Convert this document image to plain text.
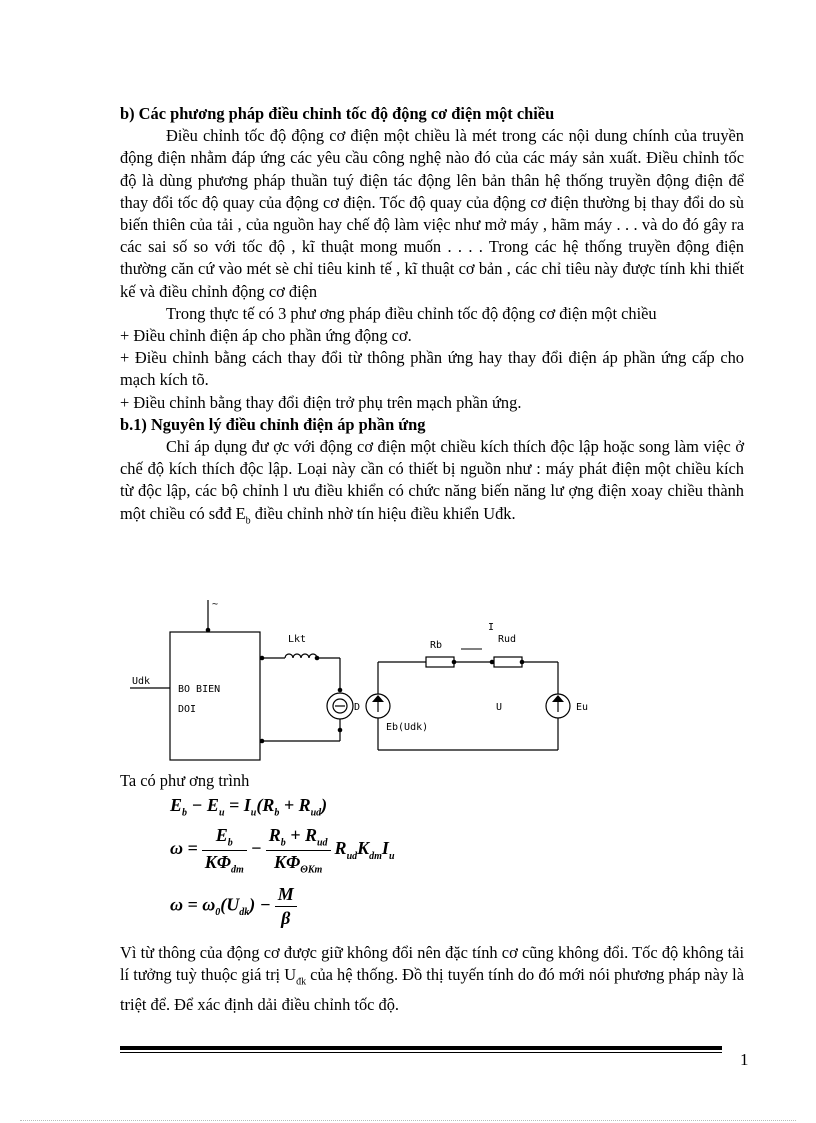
b) Các phương pháp điều chỉnh tốc độ động cơ điện một chiều

Điều chỉnh tốc độ động cơ điện một chiều là mét trong các nội dung chính của truyền động điện nhằm đáp ứng các yêu cầu công nghệ nào đó của các máy sản xuất. Điều chỉnh tốc độ là dùng phương pháp thuần tuý điện tác động lên bản thân hệ thống truyền động điện để thay đổi tốc độ quay của động cơ điện. Tốc độ quay của động cơ điện thường bị thay đổi do sù biến thiên của tải , của nguồn hay chế độ làm việc như mở máy , hãm máy . . . và do đó gây ra các sai số so với tốc độ , kĩ thuật mong muốn . . . . Trong các hệ thống truyền động điện thường căn cứ vào mét sè chỉ tiêu kinh tế , kĩ thuật cơ bản , các chỉ tiêu này được tính khi thiết kế và điều chỉnh động cơ điện

Trong thực tế có 3 phư ơng pháp điều chỉnh tốc độ động cơ điện một chiều

+ Điều chỉnh điện áp cho phần ứng động cơ.

+ Điều chỉnh bằng cách thay đổi từ thông phần ứng hay thay đổi điện áp phần ứng cấp cho mạch kích tõ.

+ Điều chỉnh bằng thay đổi điện trở phụ trên mạch phần ứng.

b.1) Nguyên lý điều chỉnh điện áp phần ứng

Chỉ áp dụng đư ợc với động cơ điện một chiều kích thích độc lập hoặc song làm việc ở chế độ kích thích độc lập. Loại này cần có thiết bị nguồn như : máy phát điện một chiều kích từ độc lập, các bộ chỉnh l ưu điều khiển có chức năng biến năng lư ợng điện xoay chiều thành một chiều có sđđ $E_b$ điều chỉnh nhờ tín hiệu điều khiển Uđk.

~
BO BIEN
DOI
Udk
Lkt
D
Eb(Udk)
Rb
I
Rud
Eu
U
Ta có phư ơng trình
$E_b - E_u = I_u(R_b + R_{ud})$
$\omega = \frac{E_b}{K\Phi_{dm}} - \frac{R_b + R_{ud}}{K\Phi_{\Theta Km}} R_{ud}K_{dm}I_u$
$\omega = \omega_0(U_{dk}) - \frac{M}{\beta}$

Vì từ thông của động cơ được giữ không đổi nên đặc tính cơ cũng không đổi. Tốc độ không tải lí tưởng tuỳ thuộc giá trị $U_{đk}$ của hệ thống. Đồ thị tuyến tính do đó mới nói phương pháp này là triệt để. Để xác định dải điều chỉnh tốc độ.

1
